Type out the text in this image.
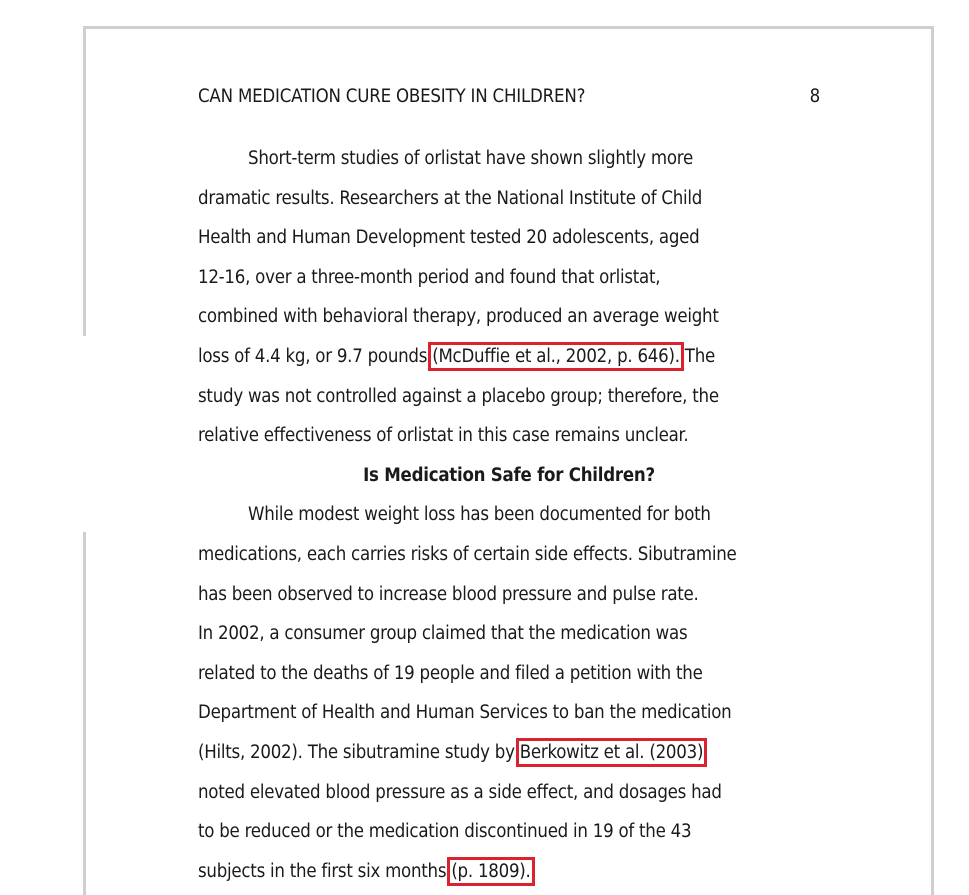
CAN MEDICATION CURE OBESITY IN CHILDREN?	8
Short-term studies of orlistat have shown slightly more
dramatic results. Researchers at the National Institute of Child
Health and Human Development tested 20 adolescents, aged
12-16, over a three-month period and found that orlistat,
combined with behavioral therapy, produced an average weight
loss of 4.4 kg, or 9.7 pounds (McDuffie et al., 2002, p. 646). The
study was not controlled against a placebo group; therefore, the
relative effectiveness of orlistat in this case remains unclear.
Is Medication Safe for Children?
While modest weight loss has been documented for both
medications, each carries risks of certain side effects. Sibutramine
has been observed to increase blood pressure and pulse rate.
In 2002, a consumer group claimed that the medication was
related to the deaths of 19 people and filed a petition with the
Department of Health and Human Services to ban the medication
(Hilts, 2002). The sibutramine study by Berkowitz et al. (2003)
noted elevated blood pressure as a side effect, and dosages had
to be reduced or the medication discontinued in 19 of the 43
subjects in the first six months (p. 1809).
